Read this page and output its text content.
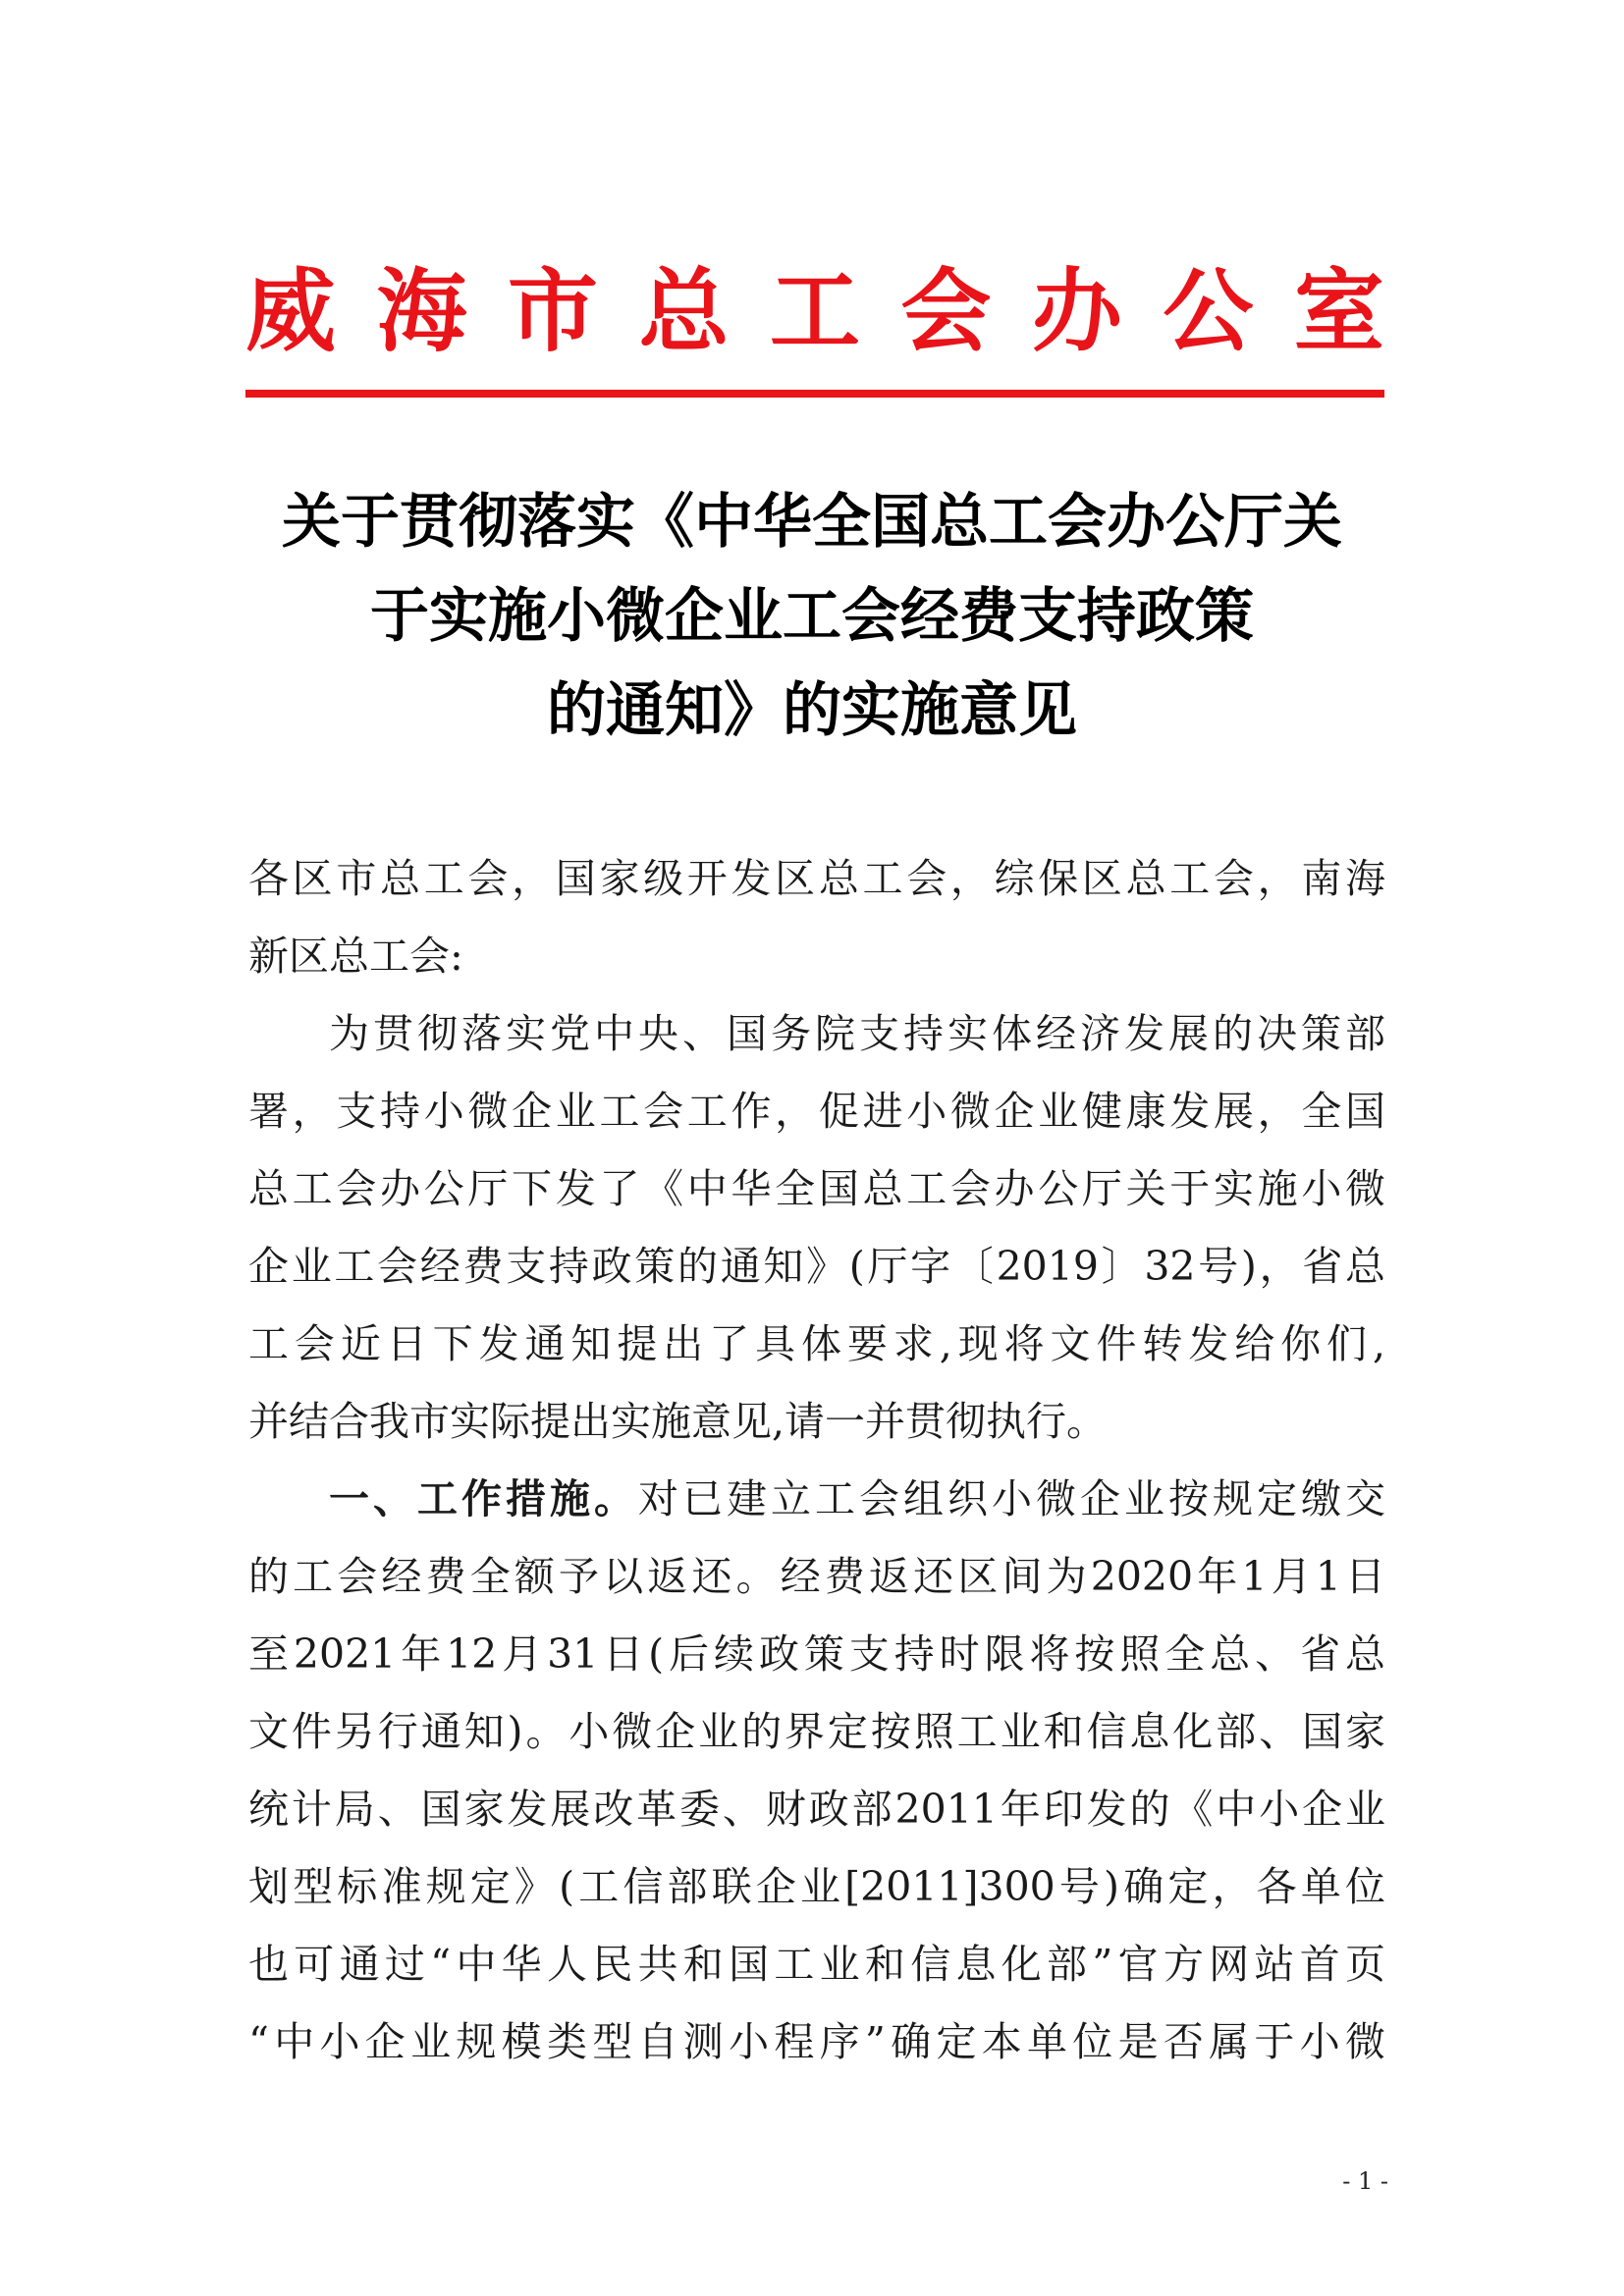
威 海 市 总 工 会 办 公 室
关于贯彻落实《中华全国总工会办公厅关
于实施小微企业工会经费支持政策
的通知》的实施意见

各区市总工会，国家级开发区总工会，综保区总工会，南海

新区总工会:

为贯彻落实党中央、国务院支持实体经济发展的决策部

署，支持小微企业工会工作，促进小微企业健康发展，全国

总工会办公厅下发了《中华全国总工会办公厅关于实施小微

企业工会经费支持政策的通知》(厅字〔2019〕32号)，省总

工会近日下发通知提出了具体要求,现将文件转发给你们,

并结合我市实际提出实施意见,请一并贯彻执行。

一、工作措施。对已建立工会组织小微企业按规定缴交

的工会经费全额予以返还。经费返还区间为2020年1月1日

至2021年12月31日(后续政策支持时限将按照全总、省总

文件另行通知)。小微企业的界定按照工业和信息化部、国家

统计局、国家发展改革委、财政部2011年印发的《中小企业

划型标准规定》(工信部联企业[2011]300号)确定，各单位

也可通过“中华人民共和国工业和信息化部”官方网站首页

“中小企业规模类型自测小程序”确定本单位是否属于小微

- 1 -
